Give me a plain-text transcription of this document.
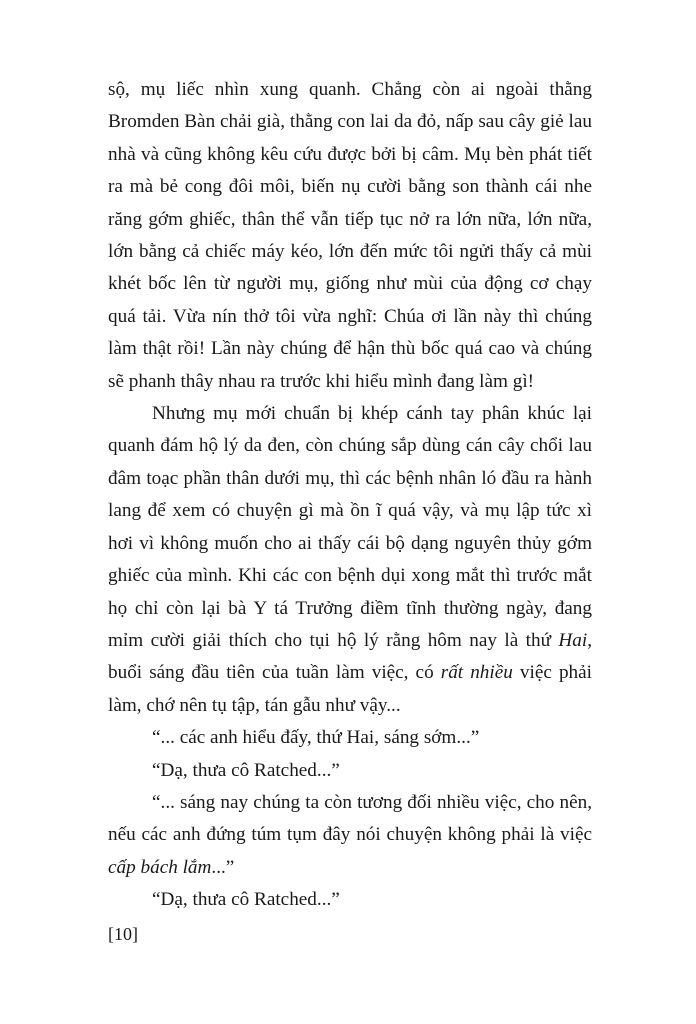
sộ, mụ liếc nhìn xung quanh. Chẳng còn ai ngoài thằng Bromden Bàn chải già, thằng con lai da đỏ, nấp sau cây giẻ lau nhà và cũng không kêu cứu được bởi bị câm. Mụ bèn phát tiết ra mà bẻ cong đôi môi, biến nụ cười bằng son thành cái nhe răng gớm ghiếc, thân thể vẫn tiếp tục nở ra lớn nữa, lớn nữa, lớn bằng cả chiếc máy kéo, lớn đến mức tôi ngửi thấy cả mùi khét bốc lên từ người mụ, giống như mùi của động cơ chạy quá tải. Vừa nín thở tôi vừa nghĩ: Chúa ơi lần này thì chúng làm thật rồi! Lần này chúng để hận thù bốc quá cao và chúng sẽ phanh thây nhau ra trước khi hiểu mình đang làm gì!

Nhưng mụ mới chuẩn bị khép cánh tay phân khúc lại quanh đám hộ lý da đen, còn chúng sắp dùng cán cây chổi lau đâm toạc phần thân dưới mụ, thì các bệnh nhân ló đầu ra hành lang để xem có chuyện gì mà ồn ĩ quá vậy, và mụ lập tức xì hơi vì không muốn cho ai thấy cái bộ dạng nguyên thủy gớm ghiếc của mình. Khi các con bệnh dụi xong mắt thì trước mắt họ chỉ còn lại bà Y tá Trưởng điềm tĩnh thường ngày, đang mỉm cười giải thích cho tụi hộ lý rằng hôm nay là thứ Hai, buổi sáng đầu tiên của tuần làm việc, có rất nhiều việc phải làm, chớ nên tụ tập, tán gẫu như vậy...

“... các anh hiểu đấy, thứ Hai, sáng sớm...”

“Dạ, thưa cô Ratched...”

“... sáng nay chúng ta còn tương đối nhiều việc, cho nên, nếu các anh đứng túm tụm đây nói chuyện không phải là việc cấp bách lắm...”

“Dạ, thưa cô Ratched...”

[10]
